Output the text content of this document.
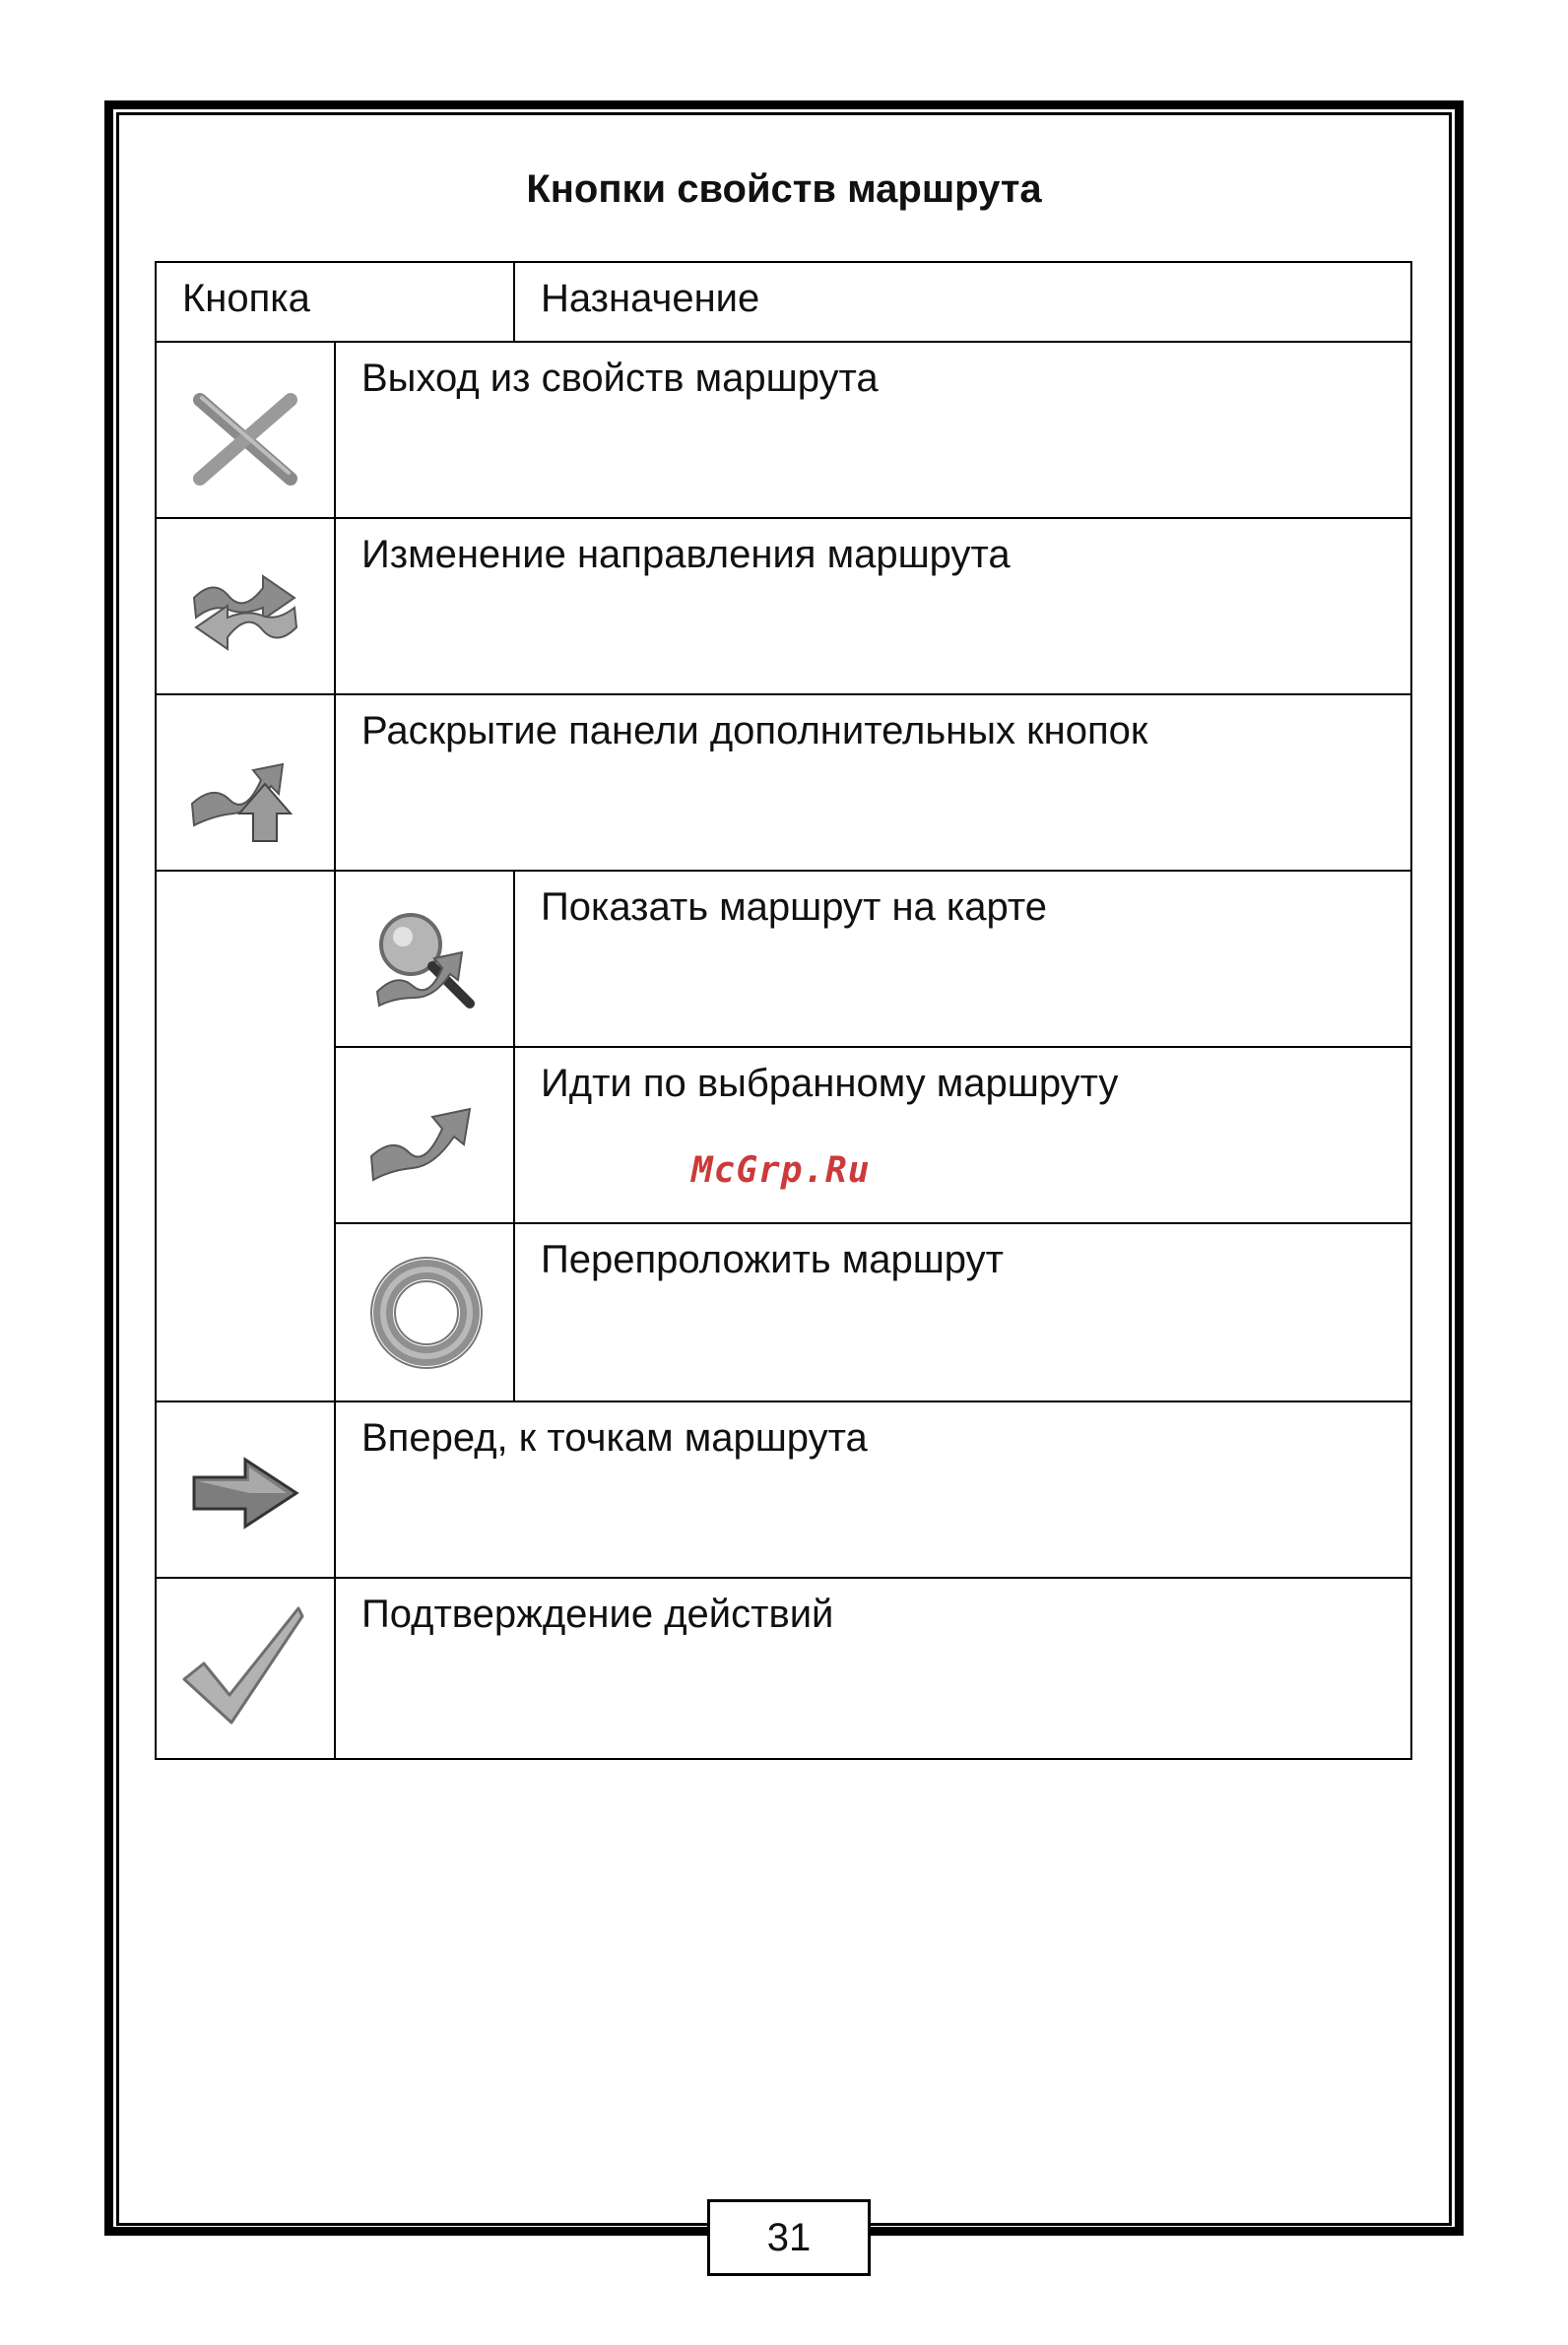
Кнопки свойств маршрута
Кнопка	Назначение
Выход из свойств маршрута
Изменение направления маршрута
Раскрытие панели дополнительных кнопок
Показать маршрут на карте
Идти по выбранному маршруту
Перепроложить маршрут
Вперед, к точкам маршрута
Подтверждение действий
McGrp.Ru
31
